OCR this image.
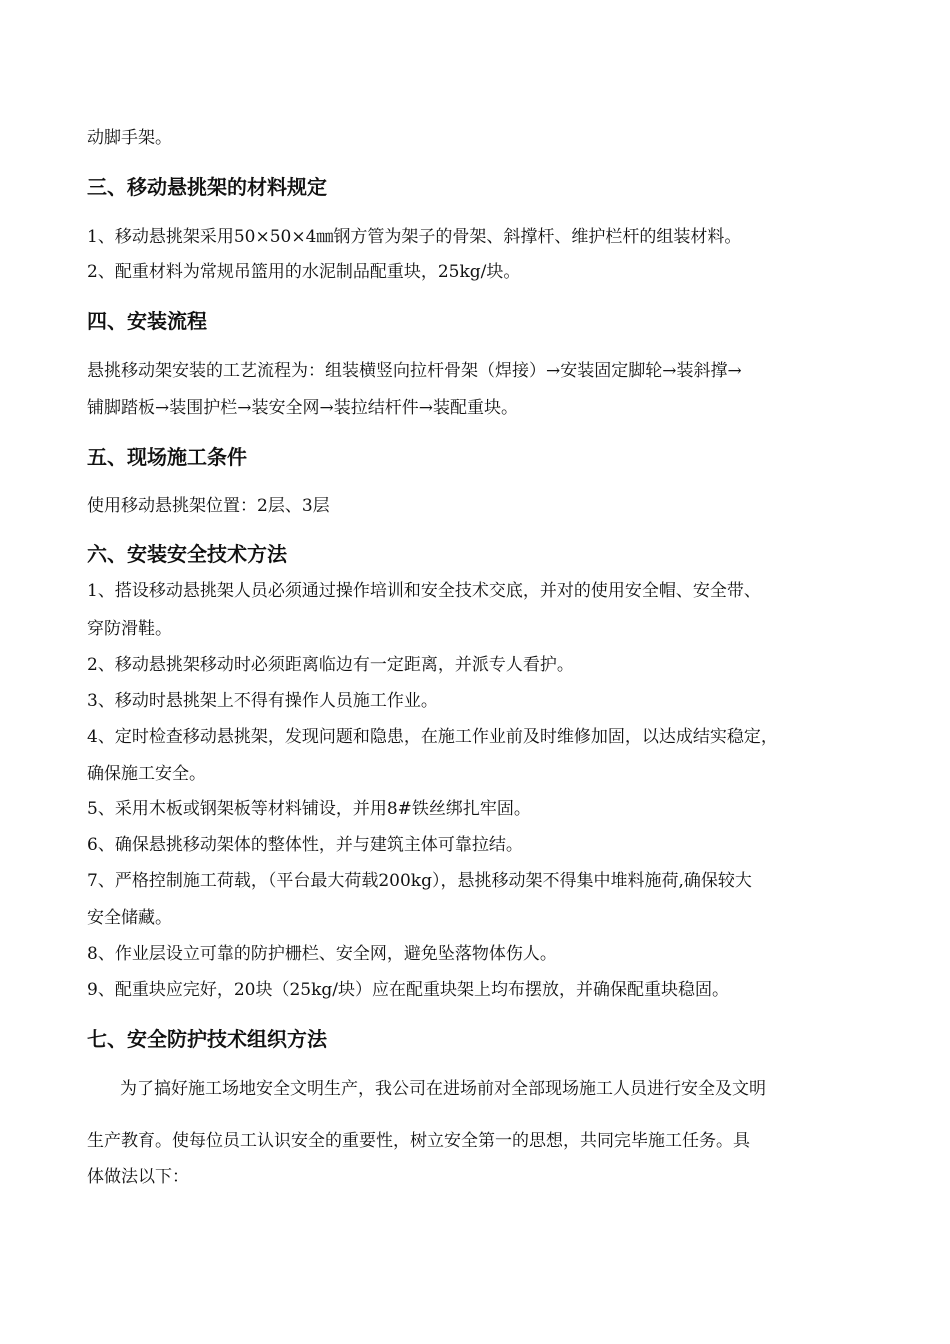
动脚手架。

三、移动悬挑架的材料规定

1、移动悬挑架采用50×50×4㎜钢方管为架子的骨架、斜撑杆、维护栏杆的组装材料。

2、配重材料为常规吊篮用的水泥制品配重块，25kg/块。

四、安装流程

悬挑移动架安装的工艺流程为：组装横竖向拉杆骨架（焊接）→安装固定脚轮→装斜撑→

铺脚踏板→装围护栏→装安全网→装拉结杆件→装配重块。

五、现场施工条件

使用移动悬挑架位置：2层、3层

六、安装安全技术方法

1、搭设移动悬挑架人员必须通过操作培训和安全技术交底，并对的使用安全帽、安全带、

穿防滑鞋。

2、移动悬挑架移动时必须距离临边有一定距离，并派专人看护。

3、移动时悬挑架上不得有操作人员施工作业。

4、定时检查移动悬挑架，发现问题和隐患，在施工作业前及时维修加固，以达成结实稳定，

确保施工安全。

5、采用木板或钢架板等材料铺设，并用8#铁丝绑扎牢固。

6、确保悬挑移动架体的整体性，并与建筑主体可靠拉结。

7、严格控制施工荷载，（平台最大荷载200kg），悬挑移动架不得集中堆料施荷,确保较大

安全储藏。

8、作业层设立可靠的防护栅栏、安全网，避免坠落物体伤人。

9、配重块应完好，20块（25kg/块）应在配重块架上均布摆放，并确保配重块稳固。

七、安全防护技术组织方法

为了搞好施工场地安全文明生产，我公司在进场前对全部现场施工人员进行安全及文明

生产教育。使每位员工认识安全的重要性，树立安全第一的思想，共同完毕施工任务。具

体做法以下：
